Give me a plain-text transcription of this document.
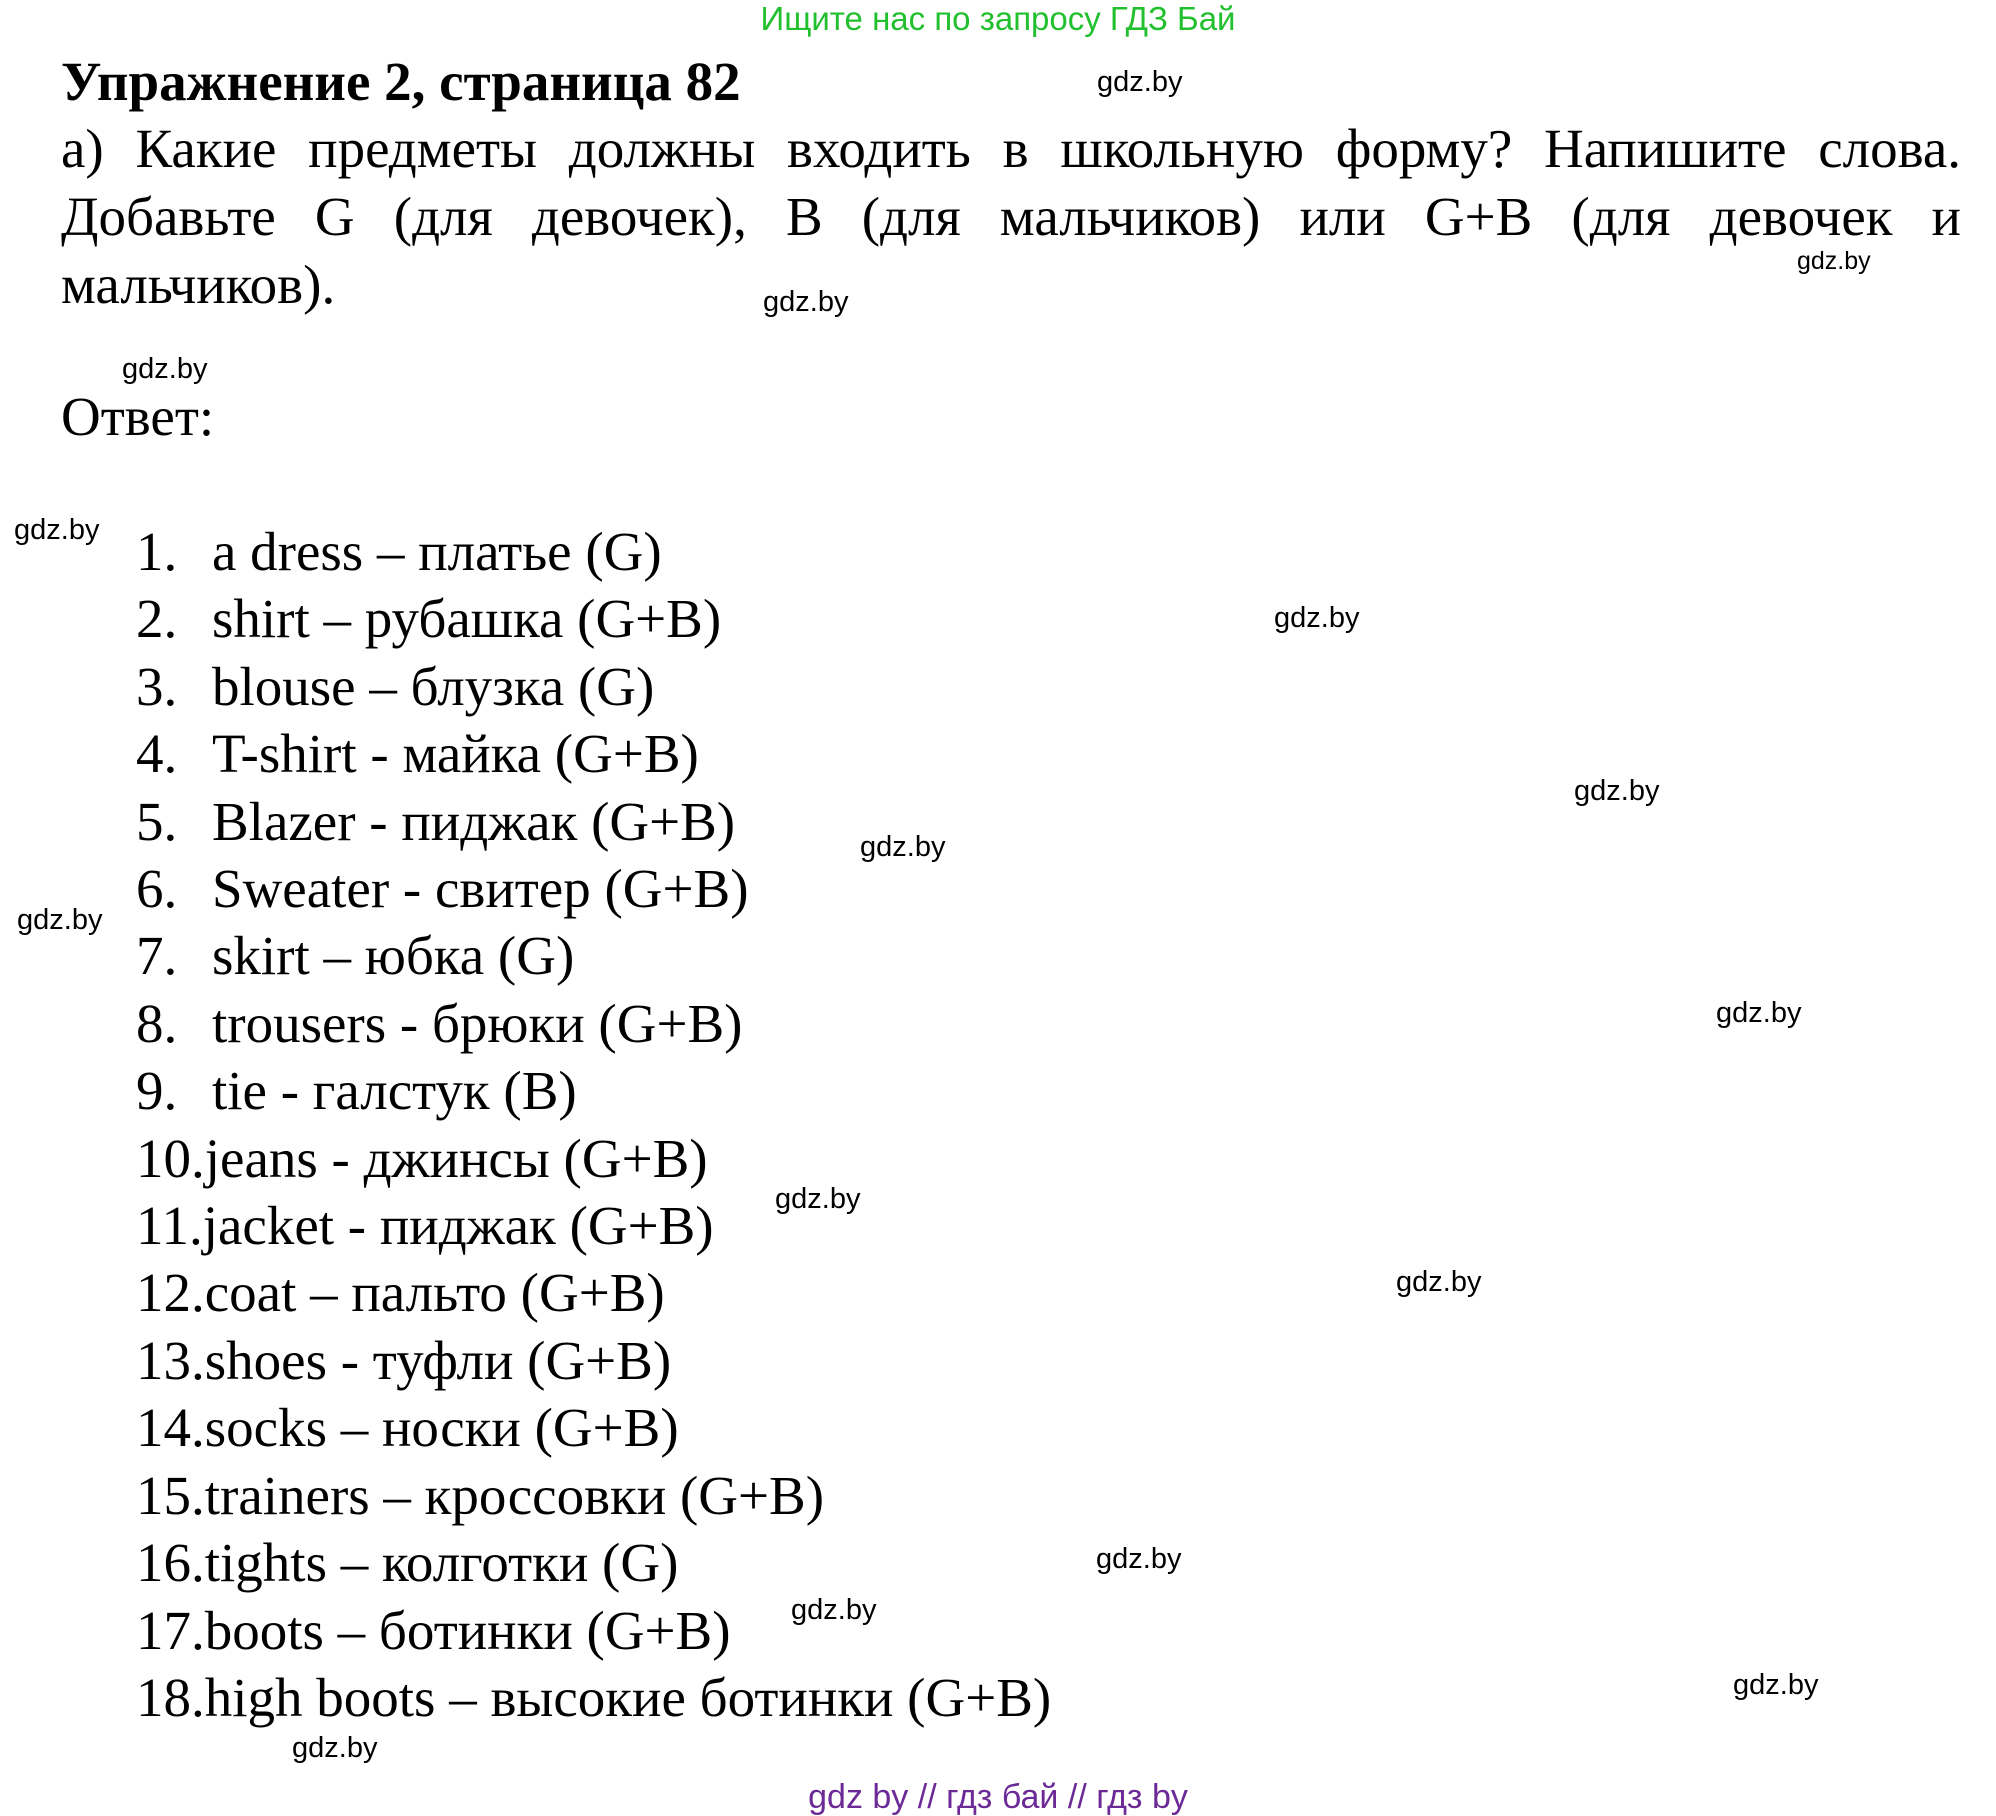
Ищите нас по запросу ГДЗ Бай
Упражнение 2, страница 82
а) Какие предметы должны входить в школьную форму? Напишите слова. Добавьте G (для девочек), B (для мальчиков) или G+B (для девочек и мальчиков).
Ответ:
1. a dress – платье (G)
2. shirt – рубашка (G+B)
3. blouse – блузка (G)
4. T-shirt - майка (G+B)
5. Blazer - пиджак (G+B)
6. Sweater - свитер (G+B)
7. skirt – юбка (G)
8. trousers - брюки (G+B)
9. tie - галстук (B)
10. jeans - джинсы (G+B)
11. jacket - пиджак (G+B)
12. coat – пальто (G+B)
13. shoes - туфли (G+B)
14. socks – носки (G+B)
15. trainers – кроссовки (G+B)
16. tights – колготки (G)
17. boots – ботинки (G+B)
18. high boots – высокие ботинки (G+B)
gdz.by
gdz.by
gdz.by
gdz.by
gdz.by
gdz.by
gdz.by
gdz.by
gdz.by
gdz.by
gdz.by
gdz.by
gdz.by
gdz.by
gdz.by
gdz.by
gdz by // гдз бай // гдз by
